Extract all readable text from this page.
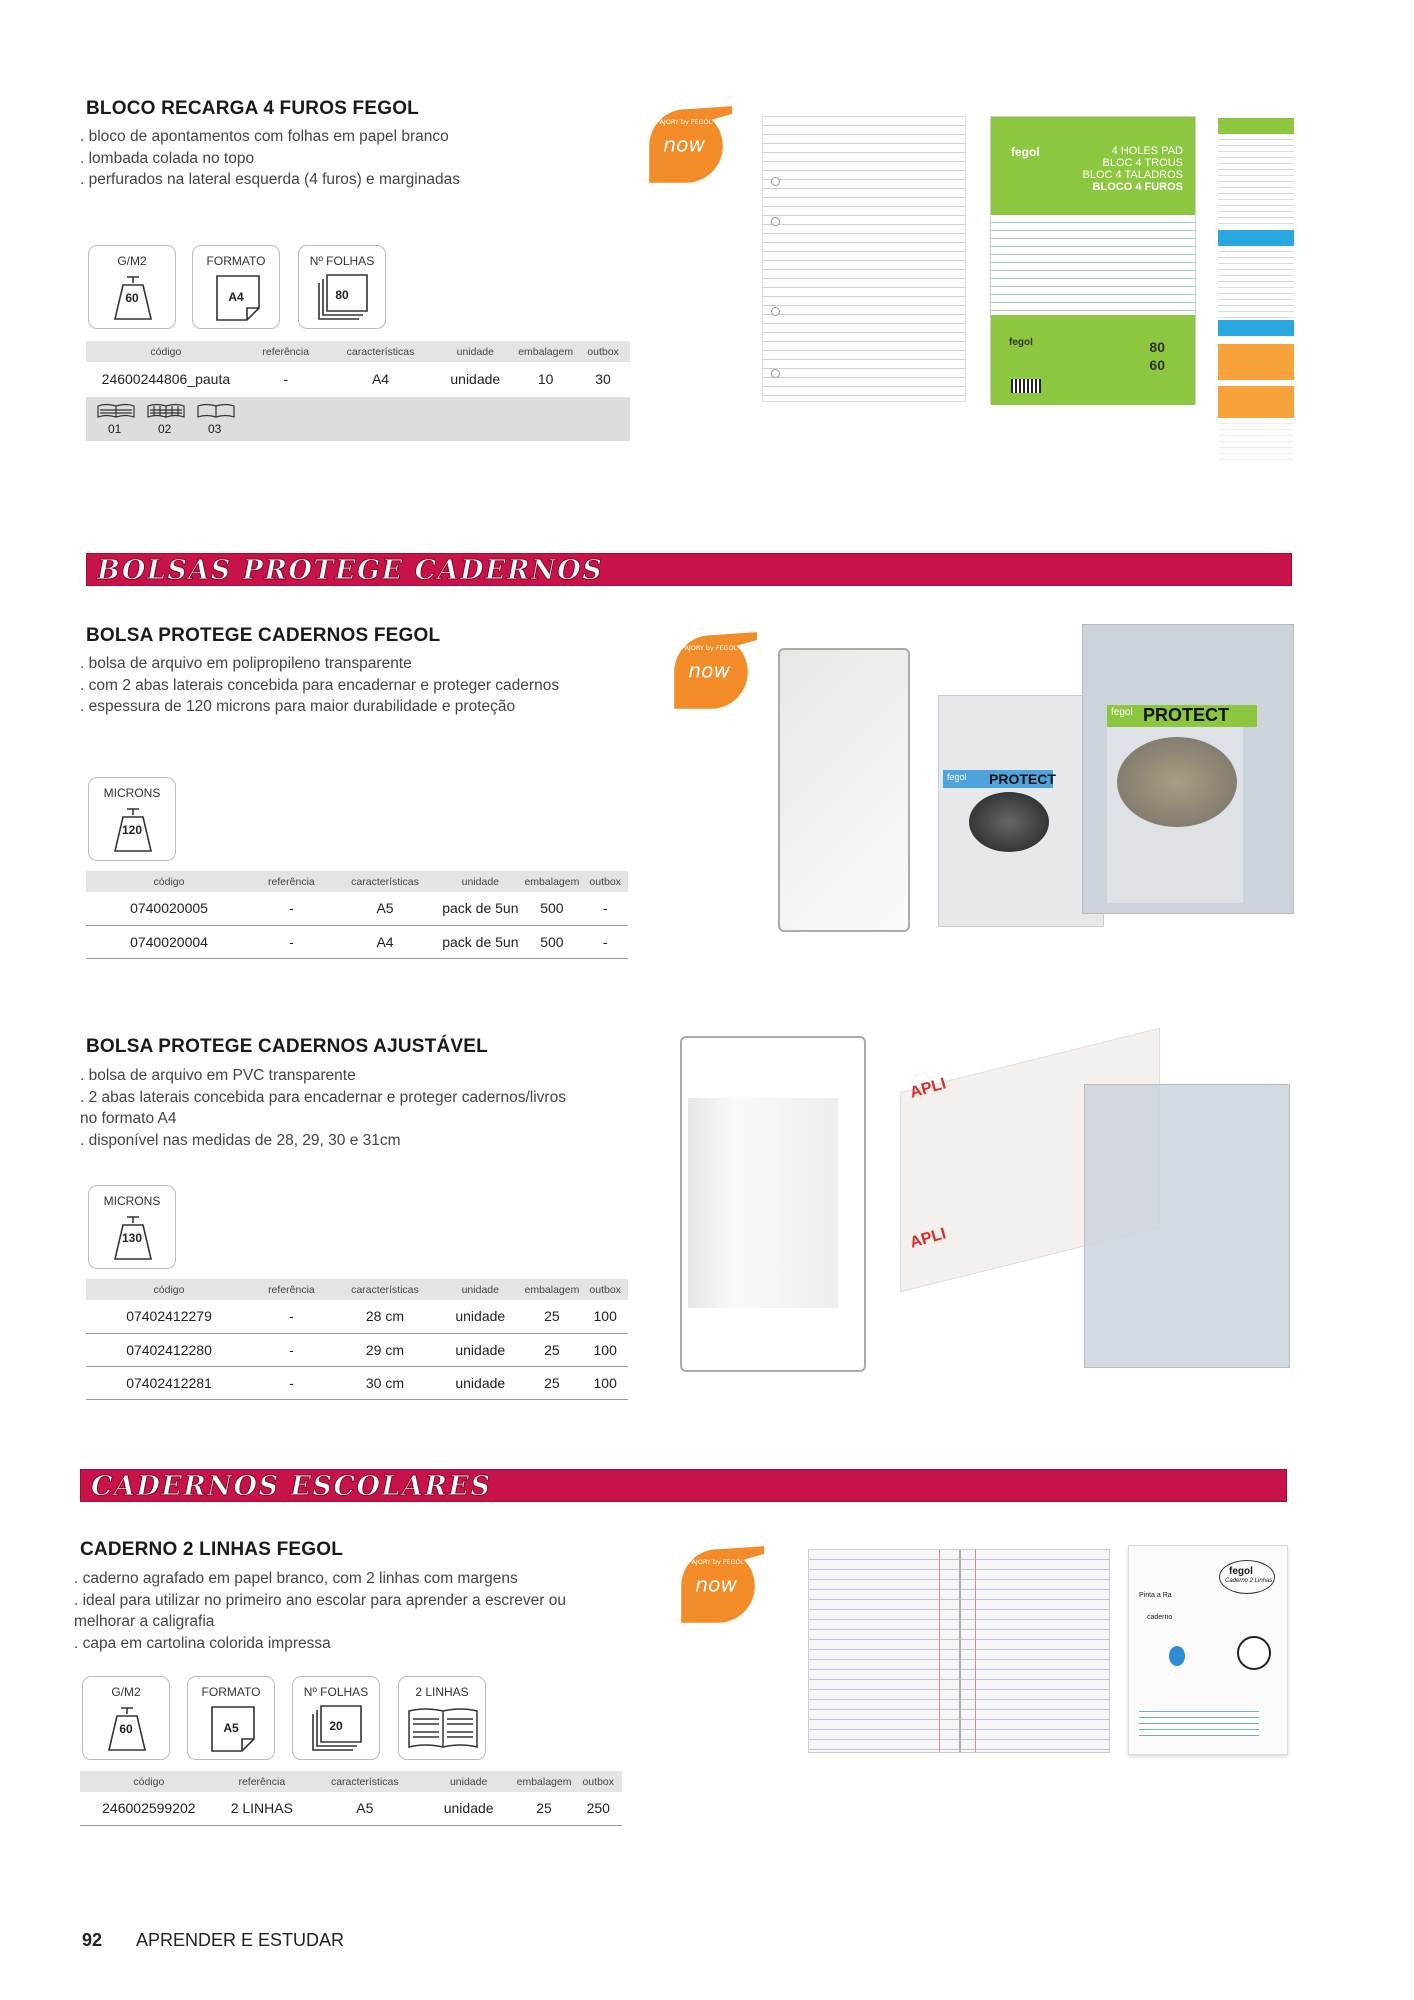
BLOCO RECARGA 4 FUROS FEGOL
. bloco de apontamentos com folhas em papel branco
. lombada colada no topo
. perfurados na lateral esquerda (4 furos) e marginadas
G/M2
60
FORMATO
A4
Nº FOLHAS
80
código	referência	características	unidade	embalagem	outbox
24600244806_pauta	-	A4	unidade	10	30
01	02	03
now
PAJORY by FEGOL
fegol	4 HOLES PAD
BLOC 4 TROUS
BLOC 4 TALADROS
BLOCO 4 FUROS
fegol	80
60
BOLSAS PROTEGE CADERNOS
BOLSA PROTEGE CADERNOS FEGOL
. bolsa de arquivo em polipropileno transparente
. com 2 abas laterais concebida para encadernar e proteger cadernos
. espessura de 120 microns para maior durabilidade e proteção
MICRONS
120
código	referência	características	unidade	embalagem	outbox
0740020005	-	A5	pack de 5un	500	-
0740020004	-	A4	pack de 5un	500	-
now
PAJORY by FEGOL
PROTECT
fegol
PROTECT
fegol
BOLSA PROTEGE CADERNOS AJUSTÁVEL
. bolsa de arquivo em PVC transparente
. 2 abas laterais concebida para encadernar e proteger cadernos/livros
no formato A4
. disponível nas medidas de 28, 29, 30 e 31cm
MICRONS
130
código	referência	características	unidade	embalagem	outbox
07402412279	-	28 cm	unidade	25	100
07402412280	-	29 cm	unidade	25	100
07402412281	-	30 cm	unidade	25	100
APLI
APLI
CADERNOS ESCOLARES
CADERNO 2 LINHAS FEGOL
. caderno agrafado em papel branco, com 2 linhas com margens
. ideal para utilizar no primeiro ano escolar para aprender a escrever ou
melhorar a caligrafia
. capa em cartolina colorida impressa
G/M2
60
FORMATO
A5
Nº FOLHAS
20
2 LINHAS
código	referência	características	unidade	embalagem	outbox
246002599202	2 LINHAS	A5	unidade	25	250
now
PAJORY by FEGOL
fegol
Caderno 2 Linhas
Pinta a Ra
caderno
92 APRENDER E ESTUDAR
